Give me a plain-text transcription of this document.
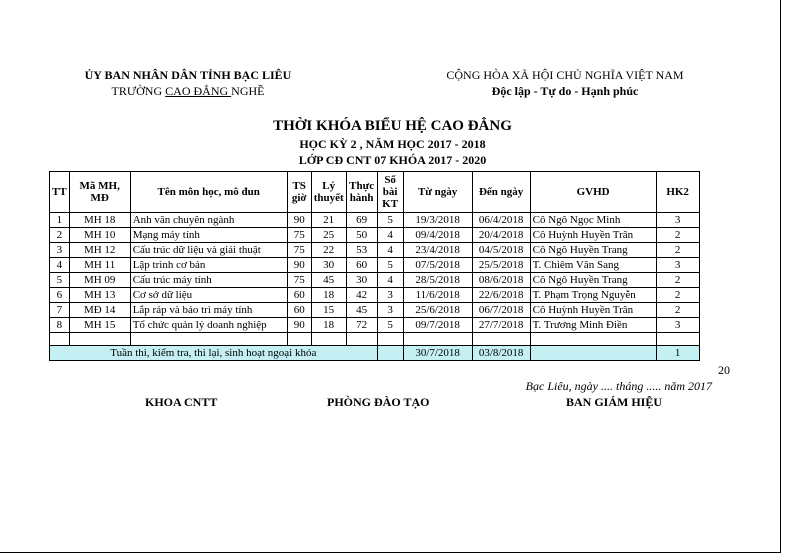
ỦY BAN NHÂN DÂN TỈNH BẠC LIÊU
TRƯỜNG CAO ĐẲNG NGHỀ
CỘNG HÒA XÃ HỘI CHỦ NGHĨA VIỆT NAM
Độc lập - Tự do - Hạnh phúc
THỜI KHÓA BIỂU HỆ CAO ĐẲNG
HỌC KỲ 2 , NĂM HỌC 2017 - 2018
LỚP CĐ CNT 07 KHÓA 2017 - 2020
TT	Mã MH, MĐ	Tên môn học, mô đun	TS giờ	Lý thuyết	Thực hành	Số bài KT	Từ ngày	Đến ngày	GVHD	HK2
1	MH 18	Anh văn chuyên ngành	90	21	69	5	19/3/2018	06/4/2018	Cô Ngô Ngọc Minh	3
2	MH 10	Mạng máy tính	75	25	50	4	09/4/2018	20/4/2018	Cô Huỳnh Huyền Trân	2
3	MH 12	Cấu trúc dữ liệu và giải thuật	75	22	53	4	23/4/2018	04/5/2018	Cô Ngô Huyền Trang	2
4	MH 11	Lập trình cơ bản	90	30	60	5	07/5/2018	25/5/2018	T. Chiêm Văn Sang	3
5	MH 09	Cấu trúc máy tính	75	45	30	4	28/5/2018	08/6/2018	Cô Ngô Huyền Trang	2
6	MH 13	Cơ sở dữ liệu	60	18	42	3	11/6/2018	22/6/2018	T. Phạm Trọng Nguyễn	2
7	MĐ 14	Lắp ráp và bảo trì máy tính	60	15	45	3	25/6/2018	06/7/2018	Cô Huỳnh Huyền Trân	2
8	MH 15	Tổ chức quản lý doanh nghiệp	90	18	72	5	09/7/2018	27/7/2018	T. Trương Minh Điền	3

Tuần thi, kiểm tra, thi lại, sinh hoạt ngoại khóa							30/7/2018	03/8/2018		1
20
Bạc Liêu, ngày .... tháng ..... năm 2017
KHOA CNTT	PHÒNG ĐÀO TẠO	BAN GIÁM HIỆU
